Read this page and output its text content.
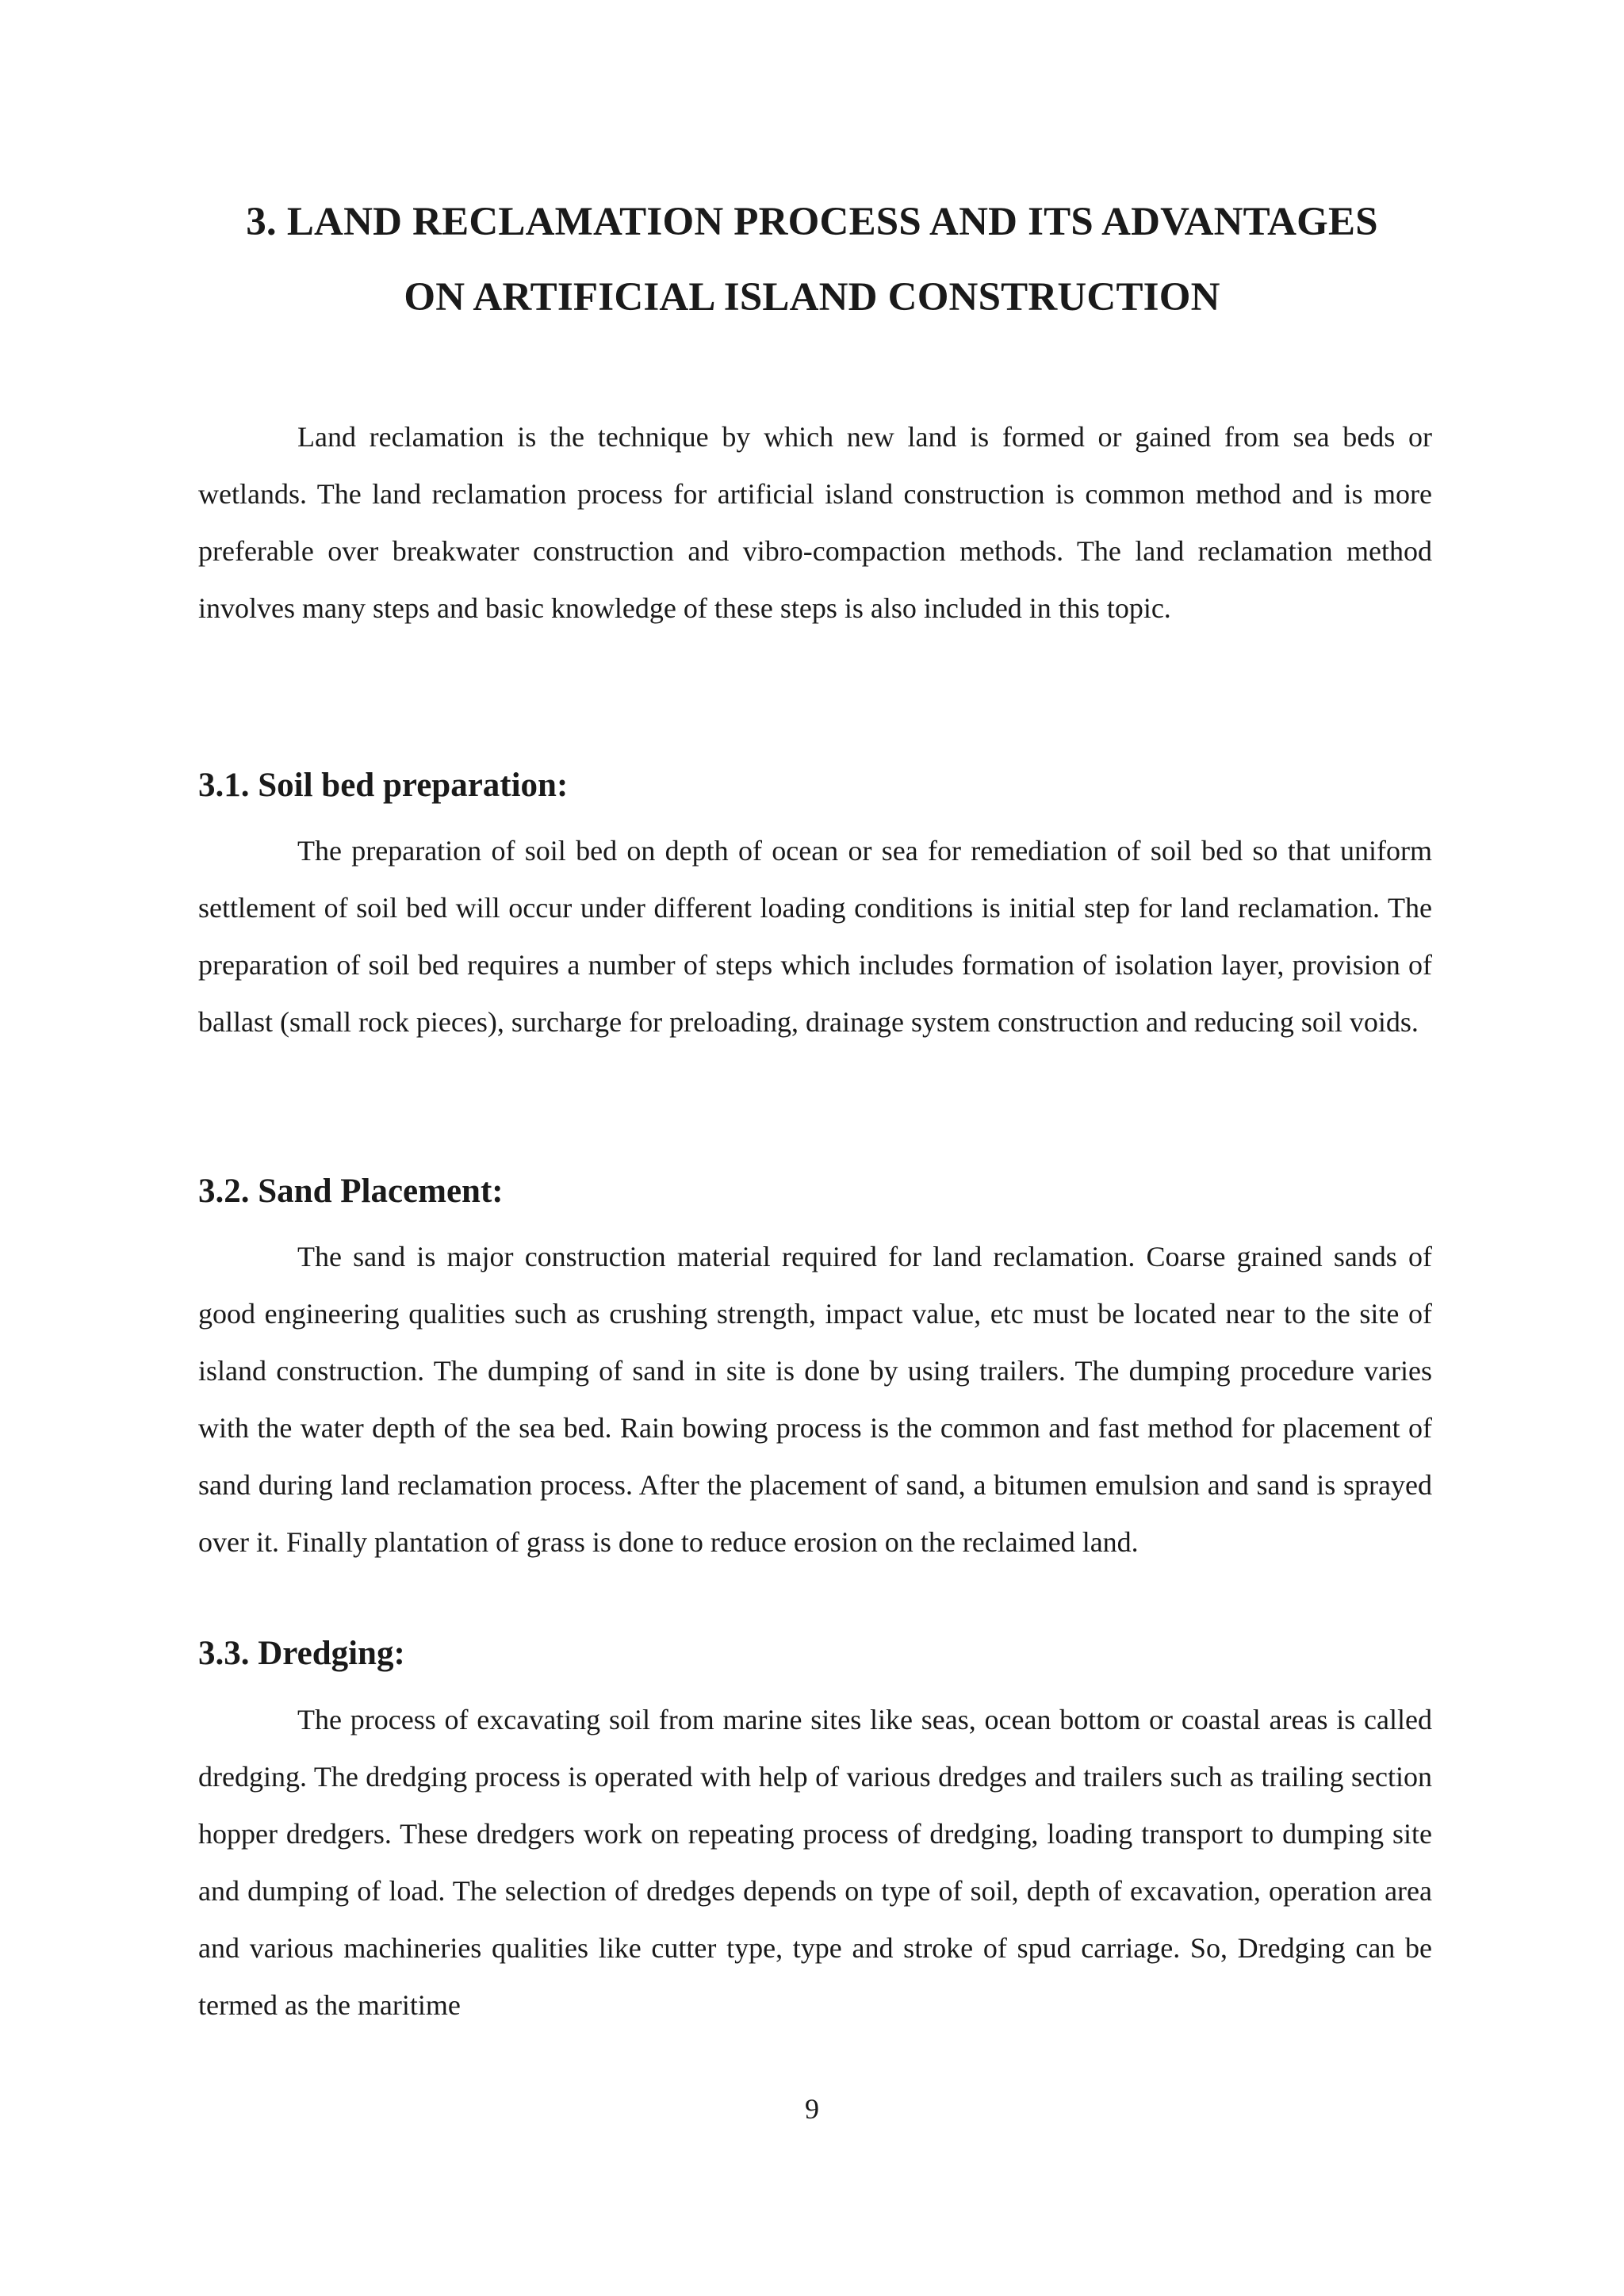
3. LAND RECLAMATION PROCESS AND ITS ADVANTAGES
ON ARTIFICIAL ISLAND CONSTRUCTION

Land reclamation is the technique by which new land is formed or gained from sea beds or wetlands. The land reclamation process for artificial island construction is common method and is more preferable over breakwater construction and vibro-compaction methods. The land reclamation method involves many steps and basic knowledge of these steps is also included in this topic.

3.1. Soil bed preparation:

The preparation of soil bed on depth of ocean or sea for remediation of soil bed so that uniform settlement of soil bed will occur under different loading conditions is initial step for land reclamation. The preparation of soil bed requires a number of steps which includes formation of isolation layer, provision of ballast (small rock pieces), surcharge for preloading, drainage system construction and reducing soil voids.

3.2. Sand Placement:

The sand is major construction material required for land reclamation. Coarse grained sands of good engineering qualities such as crushing strength, impact value, etc must be located near to the site of island construction. The dumping of sand in site is done by using trailers. The dumping procedure varies with the water depth of the sea bed. Rain bowing process is the common and fast method for placement of sand during land reclamation process. After the placement of sand, a bitumen emulsion and sand is sprayed over it. Finally plantation of grass is done to reduce erosion on the reclaimed land.

3.3. Dredging:

The process of excavating soil from marine sites like seas, ocean bottom or coastal areas is called dredging. The dredging process is operated with help of various dredges and trailers such as trailing section hopper dredgers. These dredgers work on repeating process of dredging, loading transport to dumping site and dumping of load. The selection of dredges depends on type of soil, depth of excavation, operation area and various machineries qualities like cutter type, type and stroke of spud carriage. So, Dredging can be termed as the maritime

9
